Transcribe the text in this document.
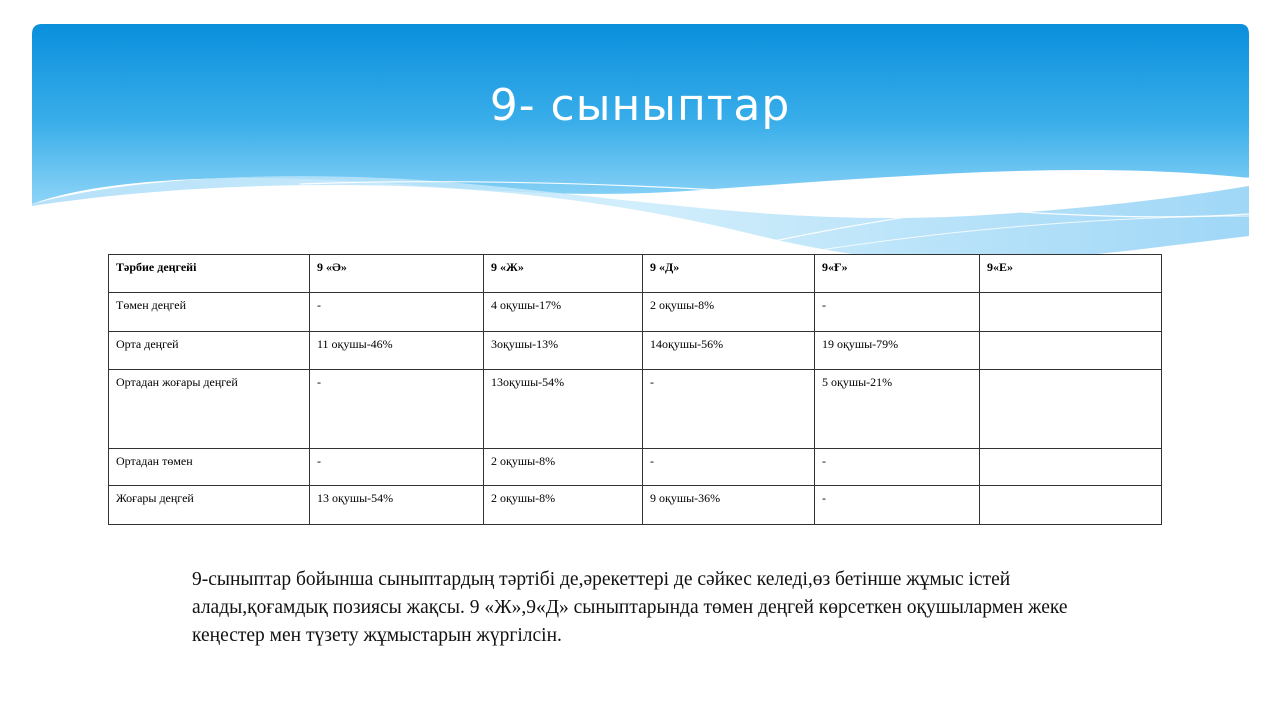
9- сыныптар
Тәрбие деңгейі	9 «Ә»	9 «Ж»	9 «Д»	9«Ғ»	9«Е»
Төмен деңгей	-	4 оқушы-17%	2 оқушы-8%	-	
Орта деңгей	11 оқушы-46%	3оқушы-13%	14оқушы-56%	19 оқушы-79%	
Ортадан жоғары деңгей	-	13оқушы-54%	-	5 оқушы-21%	
Ортадан төмен	-	2 оқушы-8%	-	-	
Жоғары деңгей	13 оқушы-54%	2 оқушы-8%	9 оқушы-36%	-	
9-сыныптар бойынша сыныптардың тәртібі де,әрекеттері де сәйкес келеді,өз бетінше жұмыс істей алады,қоғамдық позиясы жақсы. 9 «Ж»,9«Д» сыныптарында төмен деңгей көрсеткен оқушылармен жеке кеңестер мен түзету жұмыстарын жүргілсін.
